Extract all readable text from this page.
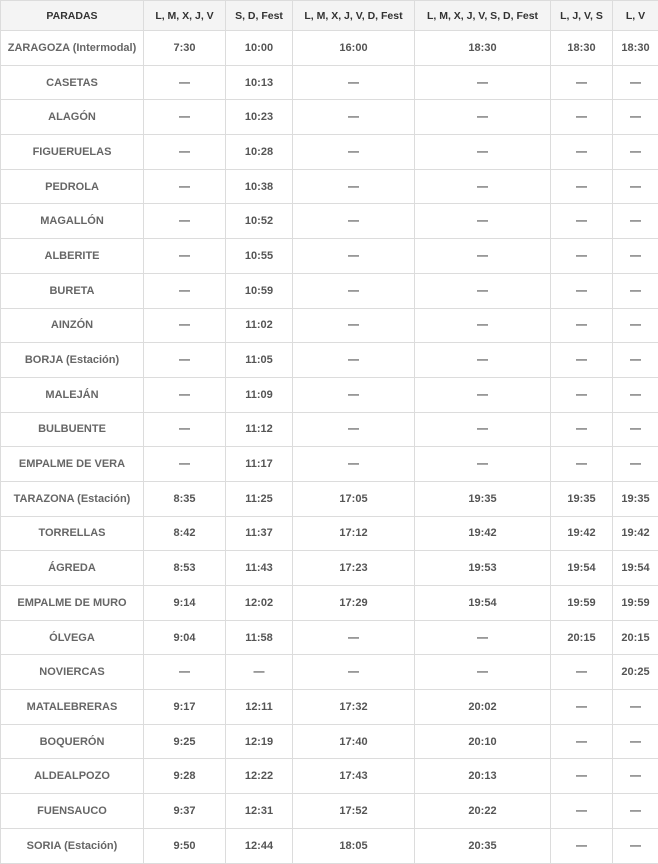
PARADAS	L, M, X, J, V	S, D, Fest	L, M, X, J, V, D, Fest	L, M, X, J, V, S, D, Fest	L, J, V, S	L, V
ZARAGOZA (Intermodal)	7:30	10:00	16:00	18:30	18:30	18:30
CASETAS	—	10:13	—	—	—	—
ALAGÓN	—	10:23	—	—	—	—
FIGUERUELAS	—	10:28	—	—	—	—
PEDROLA	—	10:38	—	—	—	—
MAGALLÓN	—	10:52	—	—	—	—
ALBERITE	—	10:55	—	—	—	—
BURETA	—	10:59	—	—	—	—
AINZÓN	—	11:02	—	—	—	—
BORJA (Estación)	—	11:05	—	—	—	—
MALEJÁN	—	11:09	—	—	—	—
BULBUENTE	—	11:12	—	—	—	—
EMPALME DE VERA	—	11:17	—	—	—	—
TARAZONA (Estación)	8:35	11:25	17:05	19:35	19:35	19:35
TORRELLAS	8:42	11:37	17:12	19:42	19:42	19:42
ÁGREDA	8:53	11:43	17:23	19:53	19:54	19:54
EMPALME DE MURO	9:14	12:02	17:29	19:54	19:59	19:59
ÓLVEGA	9:04	11:58	—	—	20:15	20:15
NOVIERCAS	—	—	—	—	—	20:25
MATALEBRERAS	9:17	12:11	17:32	20:02	—	—
BOQUERÓN	9:25	12:19	17:40	20:10	—	—
ALDEALPOZO	9:28	12:22	17:43	20:13	—	—
FUENSAUCO	9:37	12:31	17:52	20:22	—	—
SORIA (Estación)	9:50	12:44	18:05	20:35	—	—
